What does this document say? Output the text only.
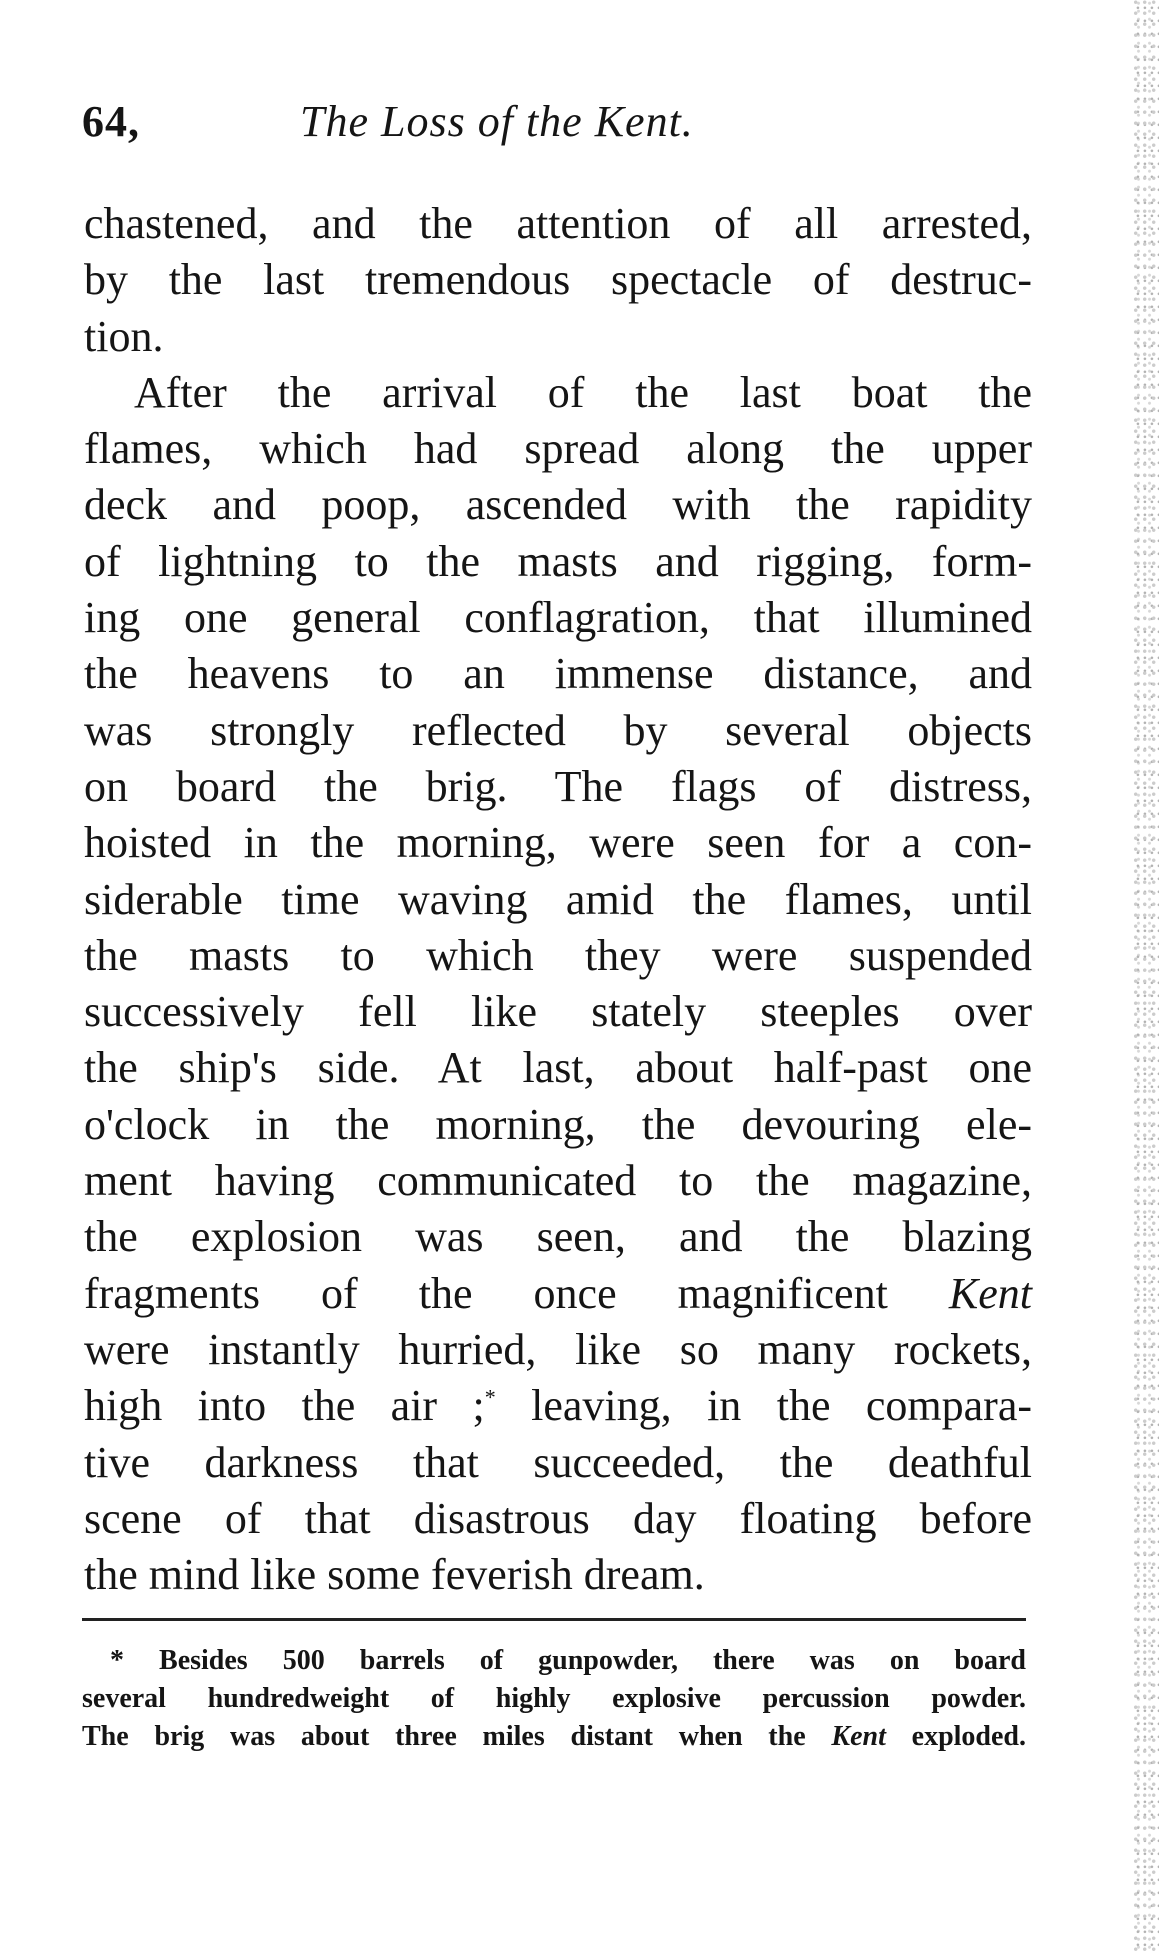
64,	The Loss of the Kent.
chastened, and the attention of all arrested,
by the last tremendous spectacle of destruc-
tion.
After the arrival of the last boat the
flames, which had spread along the upper
deck and poop, ascended with the rapidity
of lightning to the masts and rigging, form-
ing one general conflagration, that illumined
the heavens to an immense distance, and
was strongly reflected by several objects
on board the brig. The flags of distress,
hoisted in the morning, were seen for a con-
siderable time waving amid the flames, until
the masts to which they were suspended
successively fell like stately steeples over
the ship's side. At last, about half-past one
o'clock in the morning, the devouring ele-
ment having communicated to the magazine,
the explosion was seen, and the blazing
fragments of the once magnificent Kent
were instantly hurried, like so many rockets,
high into the air ;* leaving, in the compara-
tive darkness that succeeded, the deathful
scene of that disastrous day floating before
the mind like some feverish dream.
* Besides 500 barrels of gunpowder, there was on board
several hundredweight of highly explosive percussion powder.
The brig was about three miles distant when the Kent exploded.
